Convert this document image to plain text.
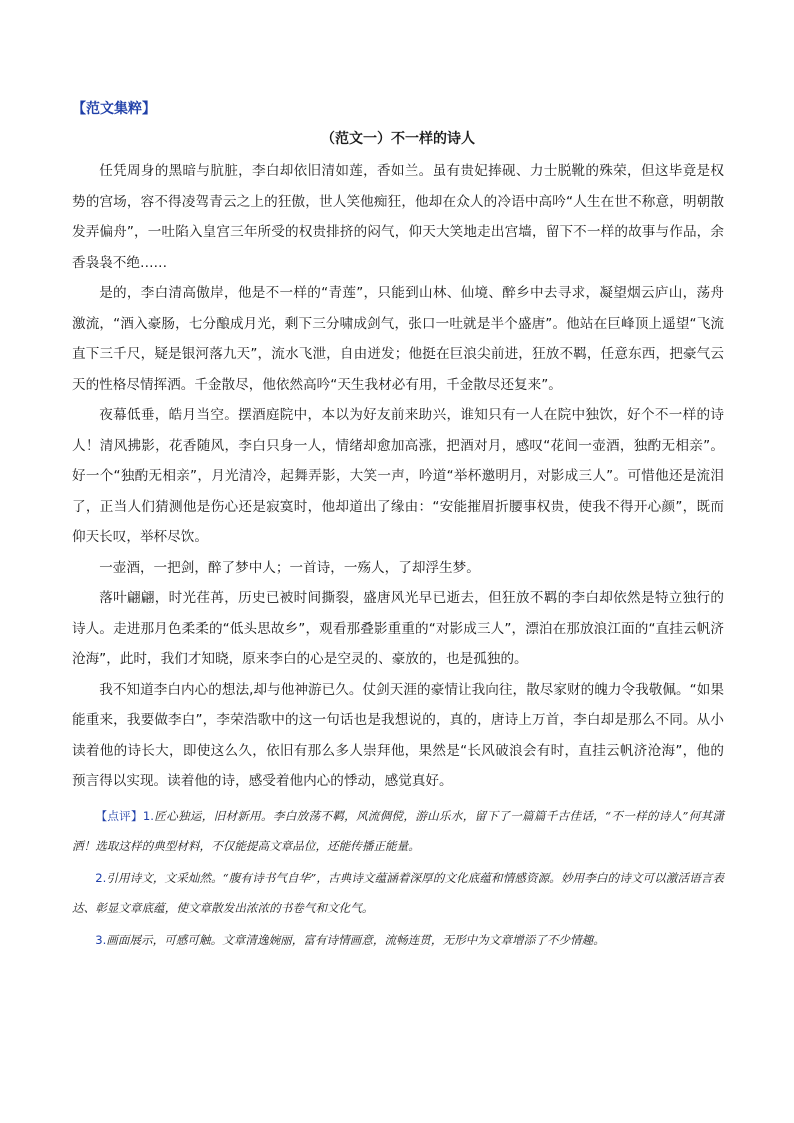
【范文集粹】
（范文一）不一样的诗人

任凭周身的黑暗与肮脏，李白却依旧清如莲，香如兰。虽有贵妃捧砚、力士脱靴的殊荣，但这毕竟是权势的宫场，容不得凌驾青云之上的狂傲，世人笑他痴狂，他却在众人的冷语中高吟“人生在世不称意，明朝散发弄偏舟”，一吐陷入皇宫三年所受的权贵排挤的闷气，仰天大笑地走出宫墙，留下不一样的故事与作品，余香袅袅不绝……

是的，李白清高傲岸，他是不一样的“青莲”，只能到山林、仙境、醉乡中去寻求，凝望烟云庐山，荡舟激流，“酒入豪肠，七分酿成月光，剩下三分啸成剑气，张口一吐就是半个盛唐”。他站在巨峰顶上遥望“飞流直下三千尺，疑是银河落九天”，流水飞泄，自由迸发；他挺在巨浪尖前进，狂放不羁，任意东西，把豪气云天的性格尽情挥洒。千金散尽，他依然高吟“天生我材必有用，千金散尽还复来”。

夜幕低垂，皓月当空。摆酒庭院中，本以为好友前来助兴，谁知只有一人在院中独饮，好个不一样的诗人！清风拂影，花香随风，李白只身一人，情绪却愈加高涨，把酒对月，感叹“花间一壶酒，独酌无相亲”。好一个“独酌无相亲”，月光清冷，起舞弄影，大笑一声，吟道“举杯邀明月，对影成三人”。可惜他还是流泪了，正当人们猜测他是伤心还是寂寞时，他却道出了缘由：“安能摧眉折腰事权贵，使我不得开心颜”，既而仰天长叹，举杯尽饮。

一壶酒，一把剑，醉了梦中人；一首诗，一殇人，了却浮生梦。

落叶翩翩，时光荏苒，历史已被时间撕裂，盛唐风光早已逝去，但狂放不羁的李白却依然是特立独行的诗人。走进那月色柔柔的“低头思故乡”，观看那叠影重重的“对影成三人”，漂泊在那放浪江面的“直挂云帆济沧海”，此时，我们才知晓，原来李白的心是空灵的、豪放的，也是孤独的。

我不知道李白内心的想法,却与他神游已久。仗剑天涯的豪情让我向往，散尽家财的魄力令我敬佩。“如果能重来，我要做李白”，李荣浩歌中的这一句话也是我想说的，真的，唐诗上万首，李白却是那么不同。从小读着他的诗长大，即使这么久，依旧有那么多人崇拜他，果然是“长风破浪会有时，直挂云帆济沧海”，他的预言得以实现。读着他的诗，感受着他内心的悸动，感觉真好。

【点评】1.匠心独运，旧材新用。李白放荡不羁，风流倜傥，游山乐水，留下了一篇篇千古佳话，“不一样的诗人”何其潇洒！选取这样的典型材料，不仅能提高文章品位，还能传播正能量。

2.引用诗文，文采灿然。“腹有诗书气自华”，古典诗文蕴涵着深厚的文化底蕴和情感资源。妙用李白的诗文可以激活语言表达、彰显文章底蕴，使文章散发出浓浓的书卷气和文化气。

3.画面展示，可感可触。文章清逸婉丽，富有诗情画意，流畅连贯，无形中为文章增添了不少情趣。
